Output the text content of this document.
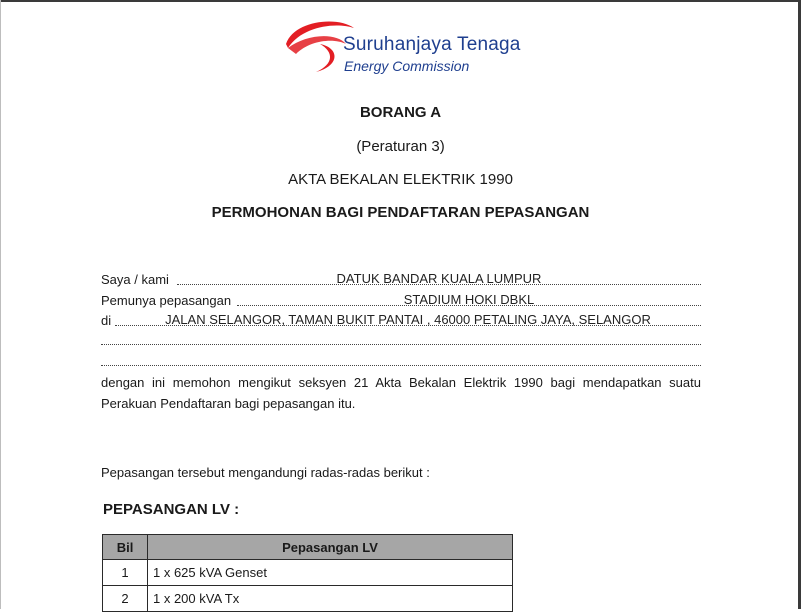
Suruhanjaya Tenaga
Energy Commission
BORANG A
(Peraturan 3)
AKTA BEKALAN ELEKTRIK 1990
PERMOHONAN BAGI PENDAFTARAN PEPASANGAN
Saya / kami	DATUK BANDAR KUALA LUMPUR
Pemunya pepasangan	STADIUM HOKI DBKL
di	JALAN SELANGOR, TAMAN BUKIT PANTAI , 46000 PETALING JAYA, SELANGOR
dengan ini memohon mengikut seksyen 21 Akta Bekalan Elektrik 1990 bagi mendapatkan suatu Perakuan Pendaftaran bagi pepasangan itu.
Pepasangan tersebut mengandungi radas-radas berikut :
PEPASANGAN LV :
Bil	Pepasangan LV
1	1 x 625 kVA Genset
2	1 x 200 kVA Tx
